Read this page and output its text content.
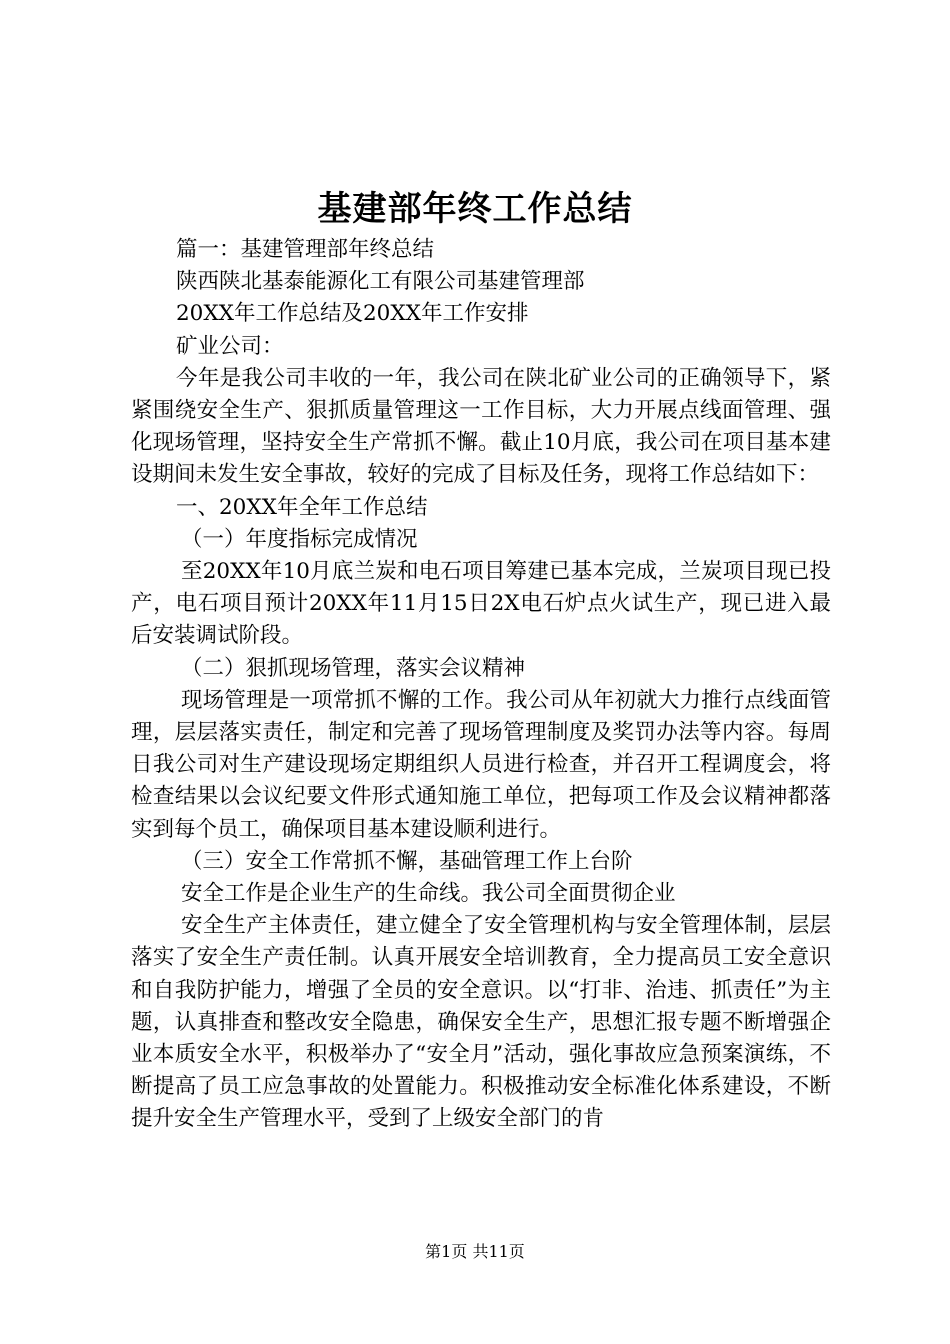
基建部年终工作总结

篇一：基建管理部年终总结

陕西陕北基泰能源化工有限公司基建管理部

20XX年工作总结及20XX年工作安排

矿业公司：

今年是我公司丰收的一年，我公司在陕北矿业公司的正确领导下，紧紧围绕安全生产、狠抓质量管理这一工作目标，大力开展点线面管理、强化现场管理，坚持安全生产常抓不懈。截止10月底，我公司在项目基本建设期间未发生安全事故，较好的完成了目标及任务，现将工作总结如下：

一、20XX年全年工作总结

（一）年度指标完成情况

至20XX年10月底兰炭和电石项目筹建已基本完成，兰炭项目现已投产，电石项目预计20XX年11月15日2X电石炉点火试生产，现已进入最后安装调试阶段。

（二）狠抓现场管理，落实会议精神

现场管理是一项常抓不懈的工作。我公司从年初就大力推行点线面管理，层层落实责任，制定和完善了现场管理制度及奖罚办法等内容。每周日我公司对生产建设现场定期组织人员进行检查，并召开工程调度会，将检查结果以会议纪要文件形式通知施工单位，把每项工作及会议精神都落实到每个员工，确保项目基本建设顺利进行。

（三）安全工作常抓不懈，基础管理工作上台阶

安全工作是企业生产的生命线。我公司全面贯彻企业

安全生产主体责任，建立健全了安全管理机构与安全管理体制，层层落实了安全生产责任制。认真开展安全培训教育，全力提高员工安全意识和自我防护能力，增强了全员的安全意识。以“打非、治违、抓责任”为主题，认真排查和整改安全隐患，确保安全生产，思想汇报专题不断增强企业本质安全水平，积极举办了“安全月”活动，强化事故应急预案演练，不断提高了员工应急事故的处置能力。积极推动安全标准化体系建设，不断提升安全生产管理水平，受到了上级安全部门的肯

第1页 共11页
